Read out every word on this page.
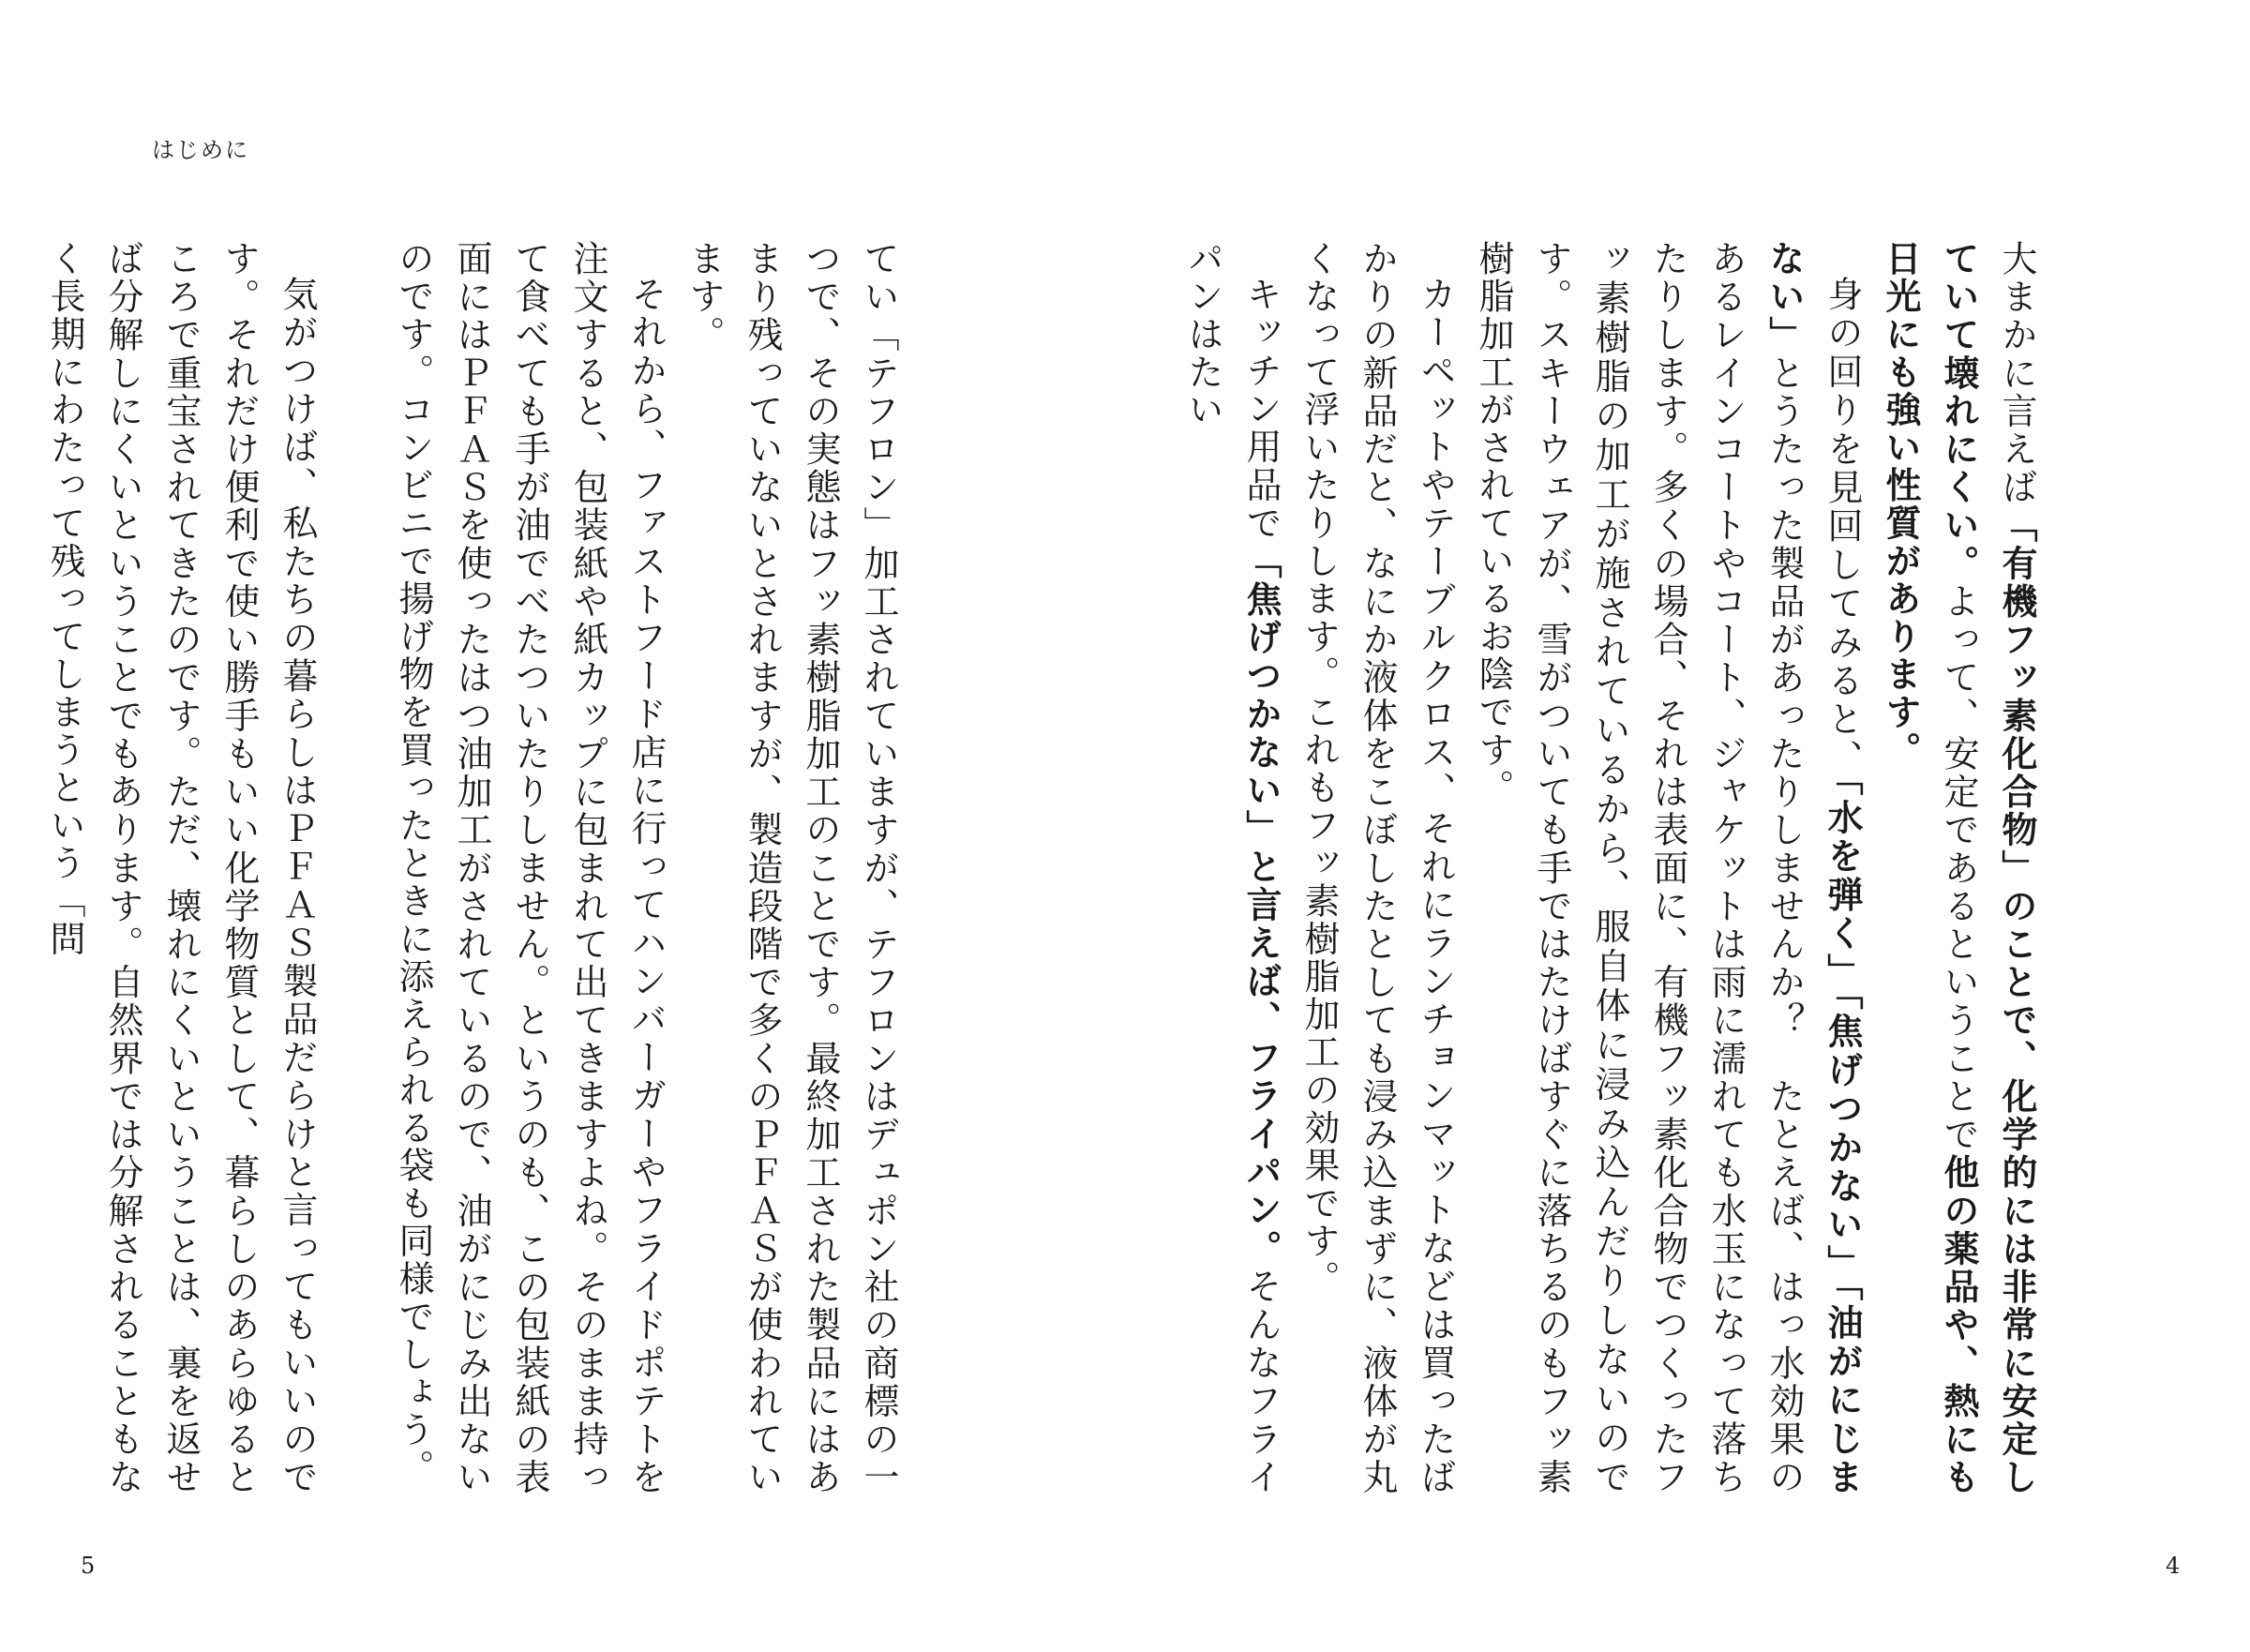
はじめに

てい「テフロン」加工されていますが、テフロンはデュポン社の商標の一つで、その実態はフッ素樹脂加工のことです。最終加工された製品にはあまり残っていないとされますが、製造段階で多くのＰＦＡＳが使われています。

それから、ファストフード店に行ってハンバーガーやフライドポテトを注文すると、包装紙や紙カップに包まれて出てきますよね。そのまま持って食べても手が油でべたついたりしません。というのも、この包装紙の表面にはＰＦＡＳを使ったはつ油加工がされているので、油がにじみ出ないのです。コンビニで揚げ物を買ったときに添えられる袋も同様でしょう。

気がつけば、私たちの暮らしはＰＦＡＳ製品だらけと言ってもいいのです。それだけ便利で使い勝手もいい化学物質として、暮らしのあらゆるところで重宝されてきたのです。ただ、壊れにくいということは、裏を返せば分解しにくいということでもあります。自然界では分解されることもなく長期にわたって残ってしまうという「問

5

大まかに言えば「有機フッ素化合物」のことで、化学的には非常に安定していて壊れにくい。よって、安定であるということで他の薬品や、熱にも日光にも強い性質があります。

身の回りを見回してみると、「水を弾く」「焦げつかない」「油がにじまない」とうたった製品があったりしませんか？　たとえば、はっ水効果のあるレインコートやコート、ジャケットは雨に濡れても水玉になって落ちたりします。多くの場合、それは表面に、有機フッ素化合物でつくったフッ素樹脂の加工が施されているから、服自体に浸み込んだりしないのです。スキーウェアが、雪がついても手ではたけばすぐに落ちるのもフッ素樹脂加工がされているお陰です。

カーペットやテーブルクロス、それにランチョンマットなどは買ったばかりの新品だと、なにか液体をこぼしたとしても浸み込まずに、液体が丸くなって浮いたりします。これもフッ素樹脂加工の効果です。

キッチン用品で「焦げつかない」と言えば、フライパン。そんなフライパンはたい

4
